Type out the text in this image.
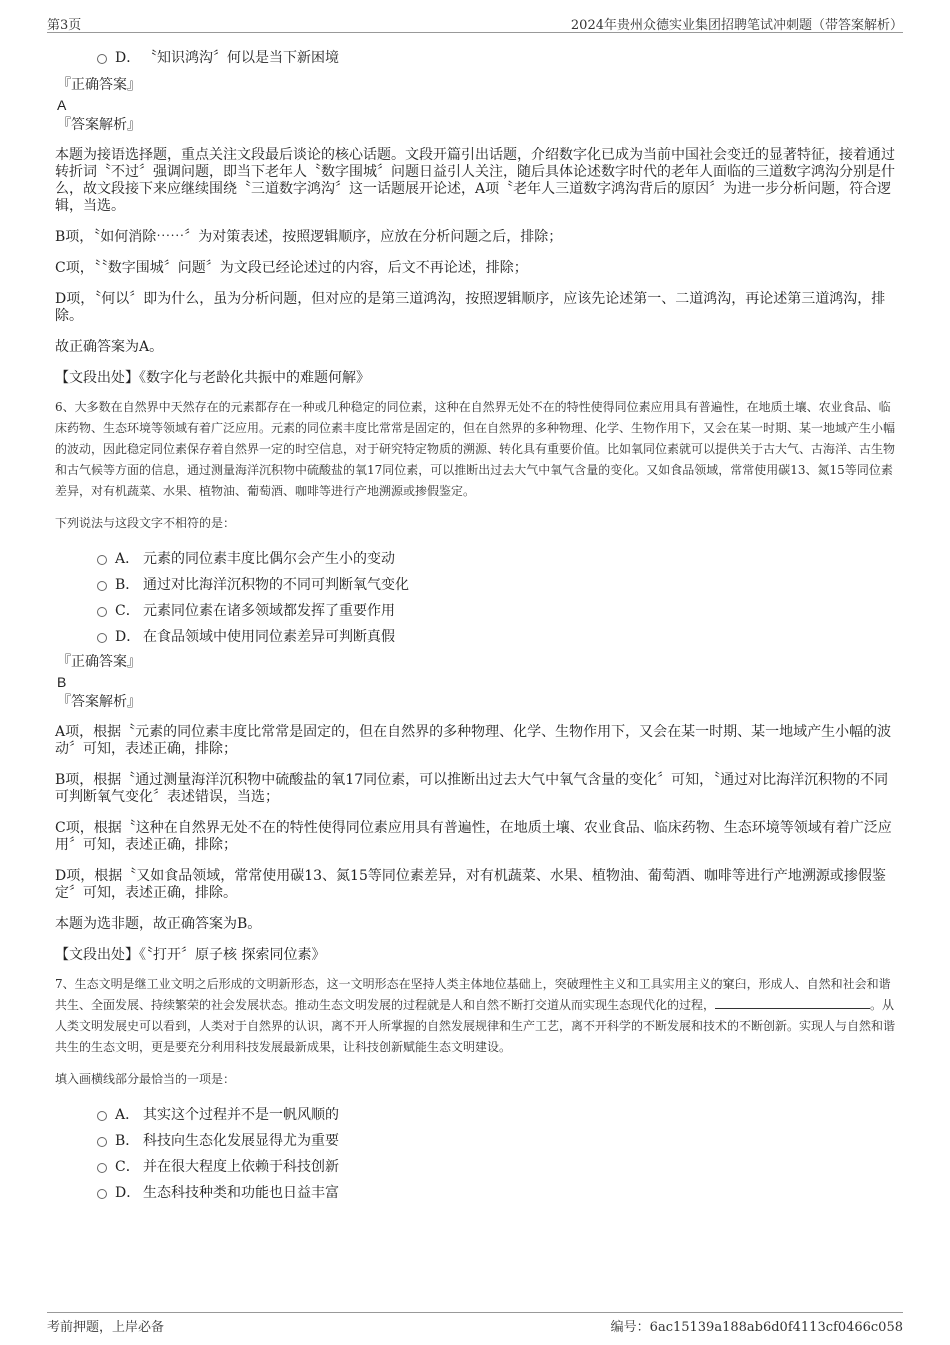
第3页	2024年贵州众德实业集团招聘笔试冲刺题（带答案解析）
D． 〝知识鸿沟〞何以是当下新困境
『正确答案』
A
『答案解析』

本题为接语选择题，重点关注文段最后谈论的核心话题。文段开篇引出话题，介绍数字化已成为当前中国社会变迁的显著特征，接着通过转折词〝不过〞强调问题，即当下老年人〝数字围城〞问题日益引人关注，随后具体论述数字时代的老年人面临的三道数字鸿沟分别是什么，故文段接下来应继续围绕〝三道数字鸿沟〞这一话题展开论述，A项〝老年人三道数字鸿沟背后的原因〞为进一步分析问题，符合逻辑，当选。

B项，〝如何消除⋯⋯〞为对策表述，按照逻辑顺序，应放在分析问题之后，排除；

C项，〝〝数字围城〞问题〞为文段已经论述过的内容，后文不再论述，排除；

D项，〝何以〞即为什么，虽为分析问题，但对应的是第三道鸿沟，按照逻辑顺序，应该先论述第一、二道鸿沟，再论述第三道鸿沟，排除。

故正确答案为A。

【文段出处】《数字化与老龄化共振中的难题何解》

6、大多数在自然界中天然存在的元素都存在一种或几种稳定的同位素，这种在自然界无处不在的特性使得同位素应用具有普遍性，在地质土壤、农业食品、临床药物、生态环境等领域有着广泛应用。元素的同位素丰度比常常是固定的，但在自然界的多种物理、化学、生物作用下，又会在某一时期、某一地域产生小幅的波动，因此稳定同位素保存着自然界一定的时空信息，对于研究特定物质的溯源、转化具有重要价值。比如氧同位素就可以提供关于古大气、古海洋、古生物和古气候等方面的信息，通过测量海洋沉积物中硫酸盐的氧17同位素，可以推断出过去大气中氧气含量的变化。又如食品领域，常常使用碳13、氮15等同位素差异，对有机蔬菜、水果、植物油、葡萄酒、咖啡等进行产地溯源或掺假鉴定。
下列说法与这段文字不相符的是：
A． 元素的同位素丰度比偶尔会产生小的变动
B． 通过对比海洋沉积物的不同可判断氧气变化
C． 元素同位素在诸多领域都发挥了重要作用
D． 在食品领域中使用同位素差异可判断真假
『正确答案』
B
『答案解析』

A项，根据〝元素的同位素丰度比常常是固定的，但在自然界的多种物理、化学、生物作用下，又会在某一时期、某一地域产生小幅的波动〞可知，表述正确，排除；

B项，根据〝通过测量海洋沉积物中硫酸盐的氧17同位素，可以推断出过去大气中氧气含量的变化〞可知，〝通过对比海洋沉积物的不同可判断氧气变化〞表述错误，当选；

C项，根据〝这种在自然界无处不在的特性使得同位素应用具有普遍性，在地质土壤、农业食品、临床药物、生态环境等领域有着广泛应用〞可知，表述正确，排除；

D项，根据〝又如食品领域，常常使用碳13、氮15等同位素差异，对有机蔬菜、水果、植物油、葡萄酒、咖啡等进行产地溯源或掺假鉴定〞可知，表述正确，排除。

本题为选非题，故正确答案为B。

【文段出处】《〝打开〞原子核 探索同位素》

7、生态文明是继工业文明之后形成的文明新形态，这一文明形态在坚持人类主体地位基础上，突破理性主义和工具实用主义的窠臼，形成人、自然和社会和谐共生、全面发展、持续繁荣的社会发展状态。推动生态文明发展的过程就是人和自然不断打交道从而实现生态现代化的过程，	。从人类文明发展史可以看到，人类对于自然界的认识，离不开人所掌握的自然发展规律和生产工艺，离不开科学的不断发展和技术的不断创新。实现人与自然和谐共生的生态文明，更是要充分利用科技发展最新成果，让科技创新赋能生态文明建设。
填入画横线部分最恰当的一项是：
A． 其实这个过程并不是一帆风顺的
B． 科技向生态化发展显得尤为重要
C． 并在很大程度上依赖于科技创新
D． 生态科技种类和功能也日益丰富
考前押题，上岸必备	编号：6ac15139a188ab6d0f4113cf0466c058
